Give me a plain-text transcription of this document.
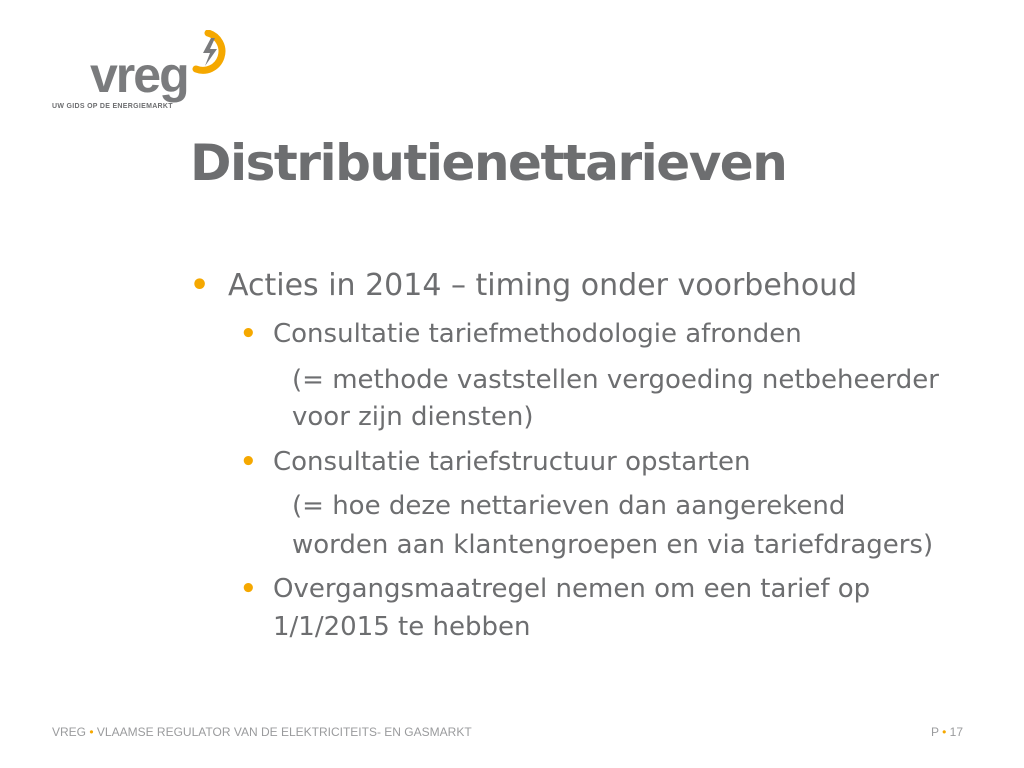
vreg
UW GIDS OP DE ENERGIEMARKT
Distributienettarieven
• Acties in 2014 – timing onder voorbehoud
• Consultatie tariefmethodologie afronden
(= methode vaststellen vergoeding netbeheerder
voor zijn diensten)
• Consultatie tariefstructuur opstarten
(= hoe deze nettarieven dan aangerekend
worden aan klantengroepen en via tariefdragers)
• Overgangsmaatregel nemen om een tarief op
1/1/2015 te hebben
VREG • VLAAMSE REGULATOR VAN DE ELEKTRICITEITS- EN GASMARKT	P • 17
